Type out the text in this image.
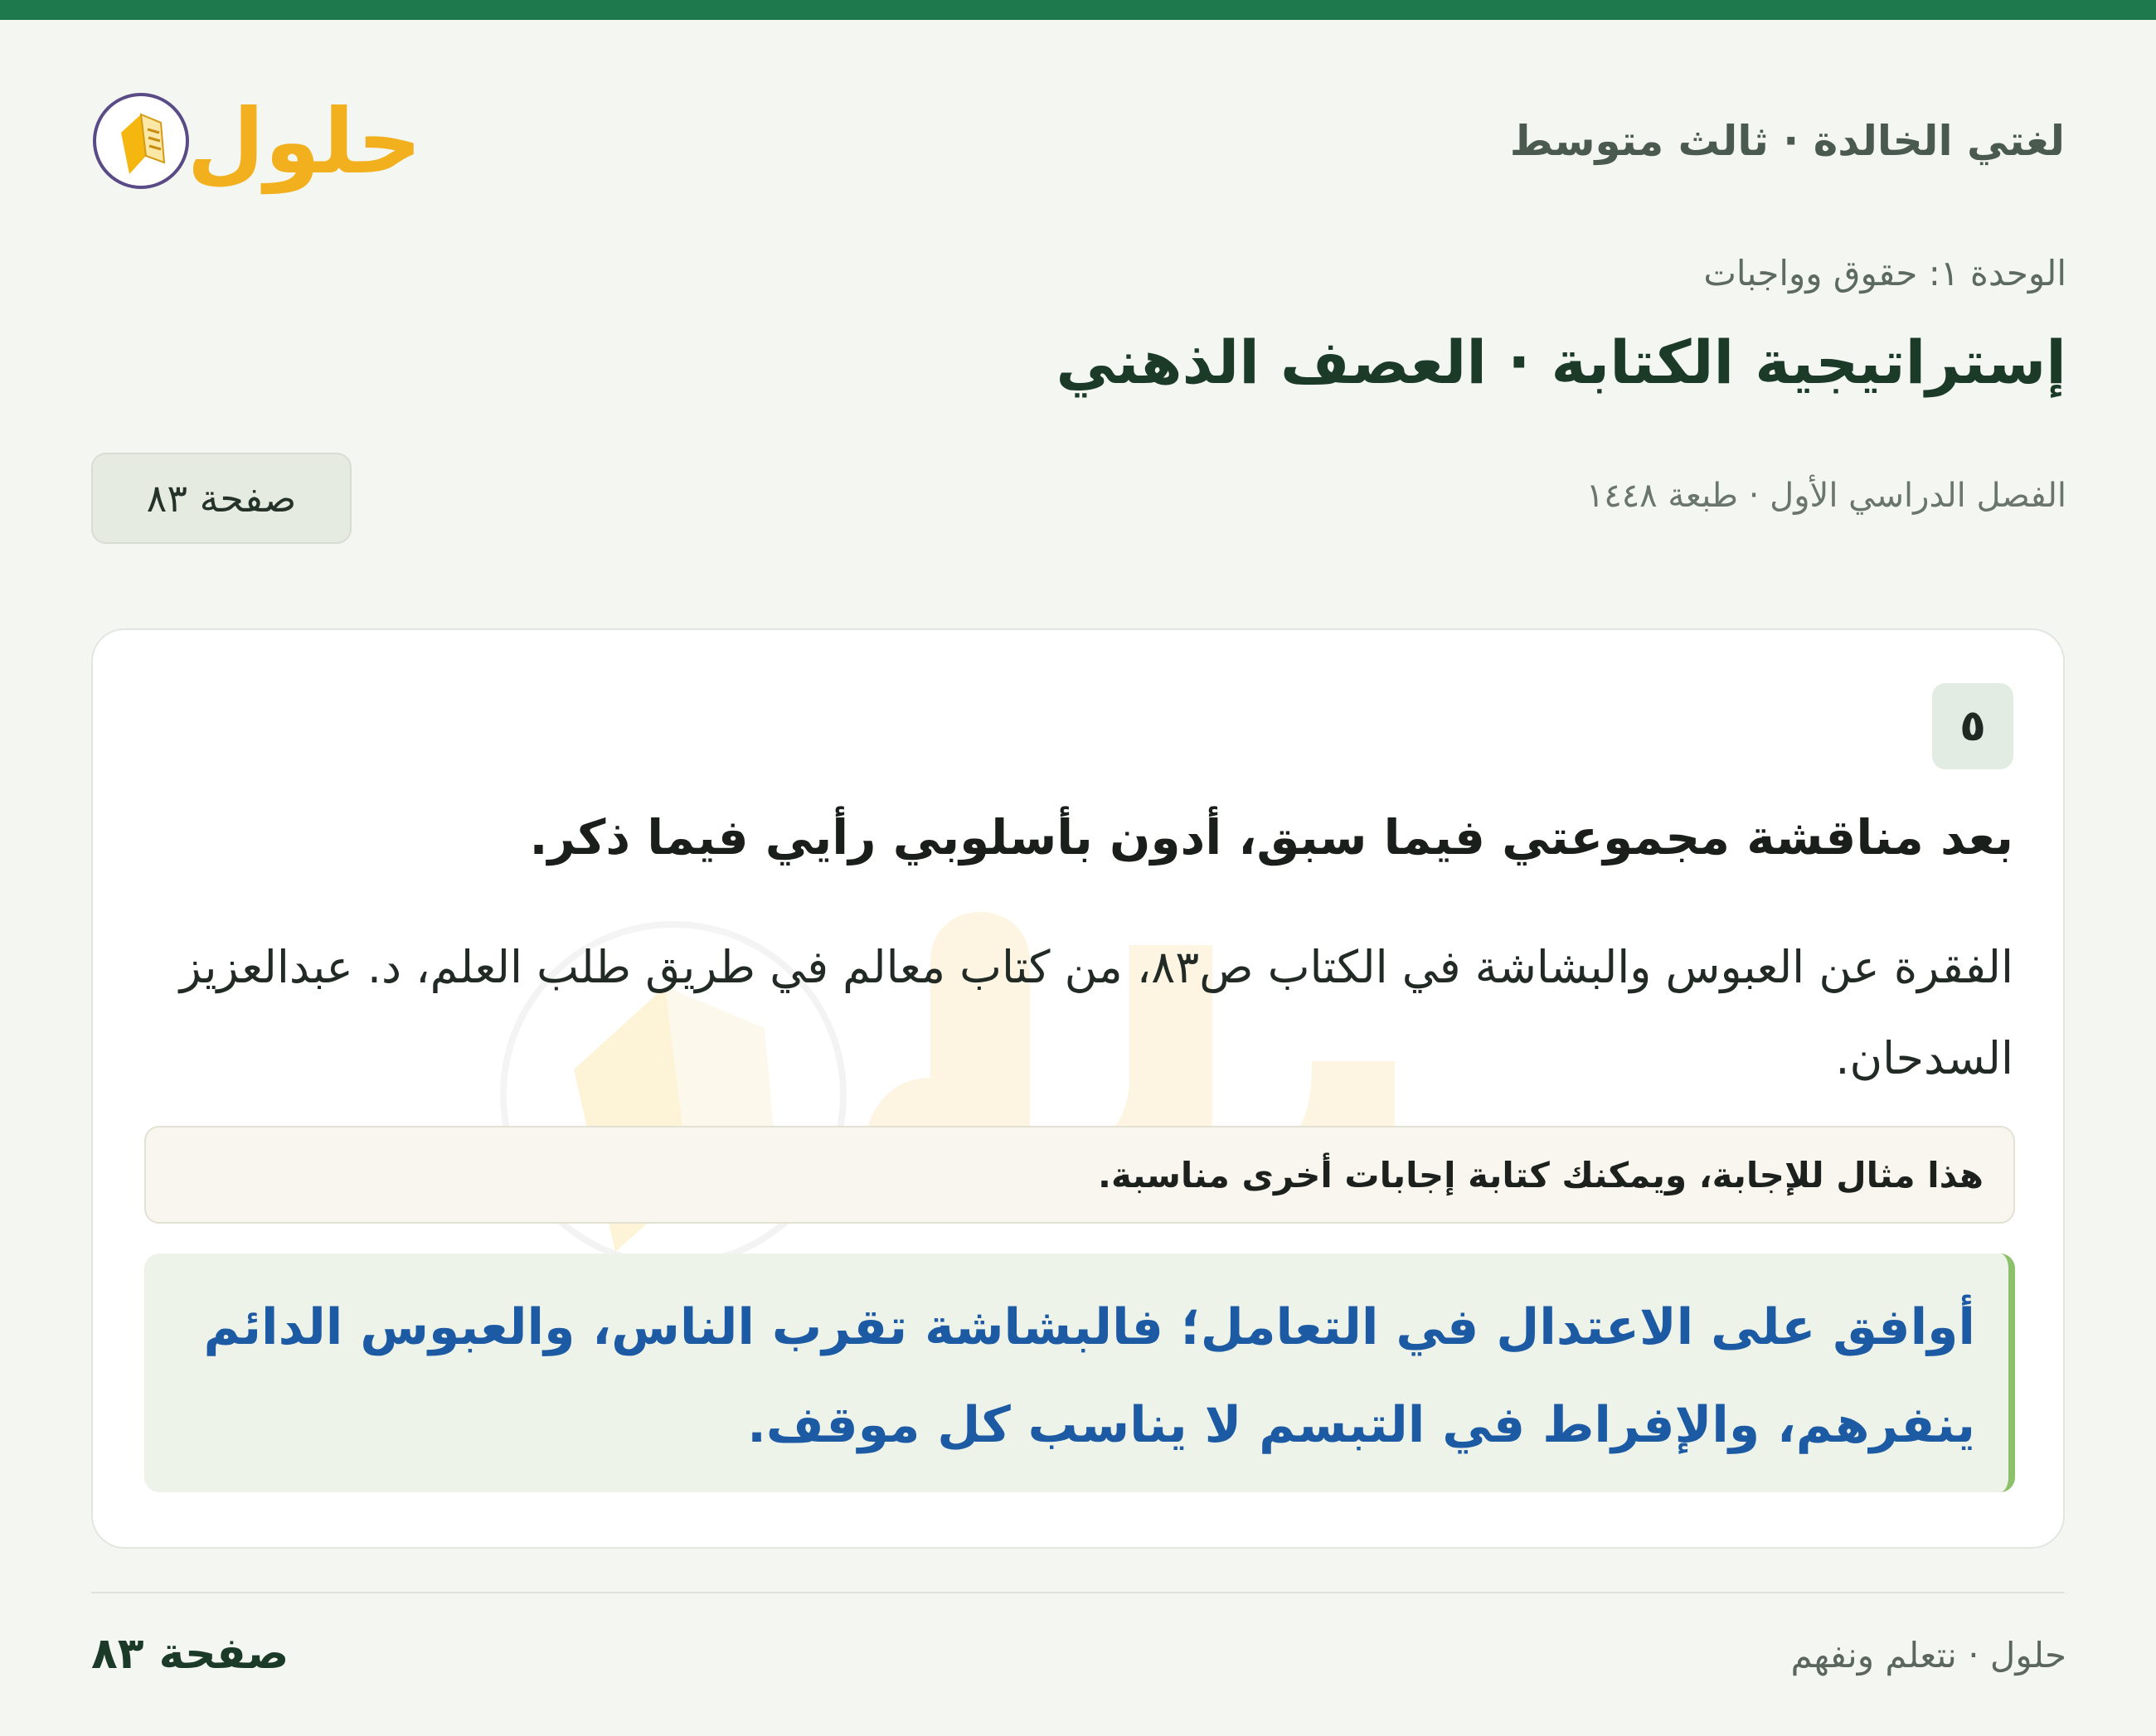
لغتي الخالدة · ثالث متوسط
حلول
الوحدة ١: حقوق وواجبات
إستراتيجية الكتابة · العصف الذهني
الفصل الدراسي الأول · طبعة ١٤٤٨
صفحة ٨٣
٥
بعد مناقشة مجموعتي فيما سبق، أدون بأسلوبي رأيي فيما ذكر.
الفقرة عن العبوس والبشاشة في الكتاب ص٨٣، من كتاب معالم في طريق طلب العلم، د. عبدالعزيز السدحان.
هذا مثال للإجابة، ويمكنك كتابة إجابات أخرى مناسبة.
أوافق على الاعتدال في التعامل؛ فالبشاشة تقرب الناس، والعبوس الدائم ينفرهم، والإفراط في التبسم لا يناسب كل موقف.
صفحة ٨٣	حلول · نتعلم ونفهم
